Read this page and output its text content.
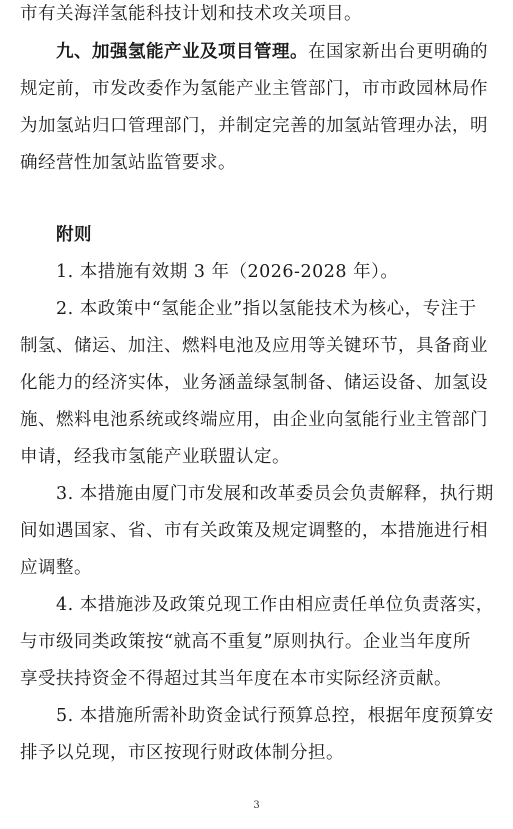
市有关海洋氢能科技计划和技术攻关项目。
九、加强氢能产业及项目管理。在国家新出台更明确的
规定前，市发改委作为氢能产业主管部门，市市政园林局作
为加氢站归口管理部门，并制定完善的加氢站管理办法，明
确经营性加氢站监管要求。
附则
1. 本措施有效期 3 年（2026-2028 年）。
2. 本政策中“氢能企业”指以氢能技术为核心，专注于
制氢、储运、加注、燃料电池及应用等关键环节，具备商业
化能力的经济实体，业务涵盖绿氢制备、储运设备、加氢设
施、燃料电池系统或终端应用，由企业向氢能行业主管部门
申请，经我市氢能产业联盟认定。
3. 本措施由厦门市发展和改革委员会负责解释，执行期
间如遇国家、省、市有关政策及规定调整的，本措施进行相
应调整。
4. 本措施涉及政策兑现工作由相应责任单位负责落实，
与市级同类政策按“就高不重复”原则执行。企业当年度所
享受扶持资金不得超过其当年度在本市实际经济贡献。
5. 本措施所需补助资金试行预算总控，根据年度预算安
排予以兑现，市区按现行财政体制分担。
3
